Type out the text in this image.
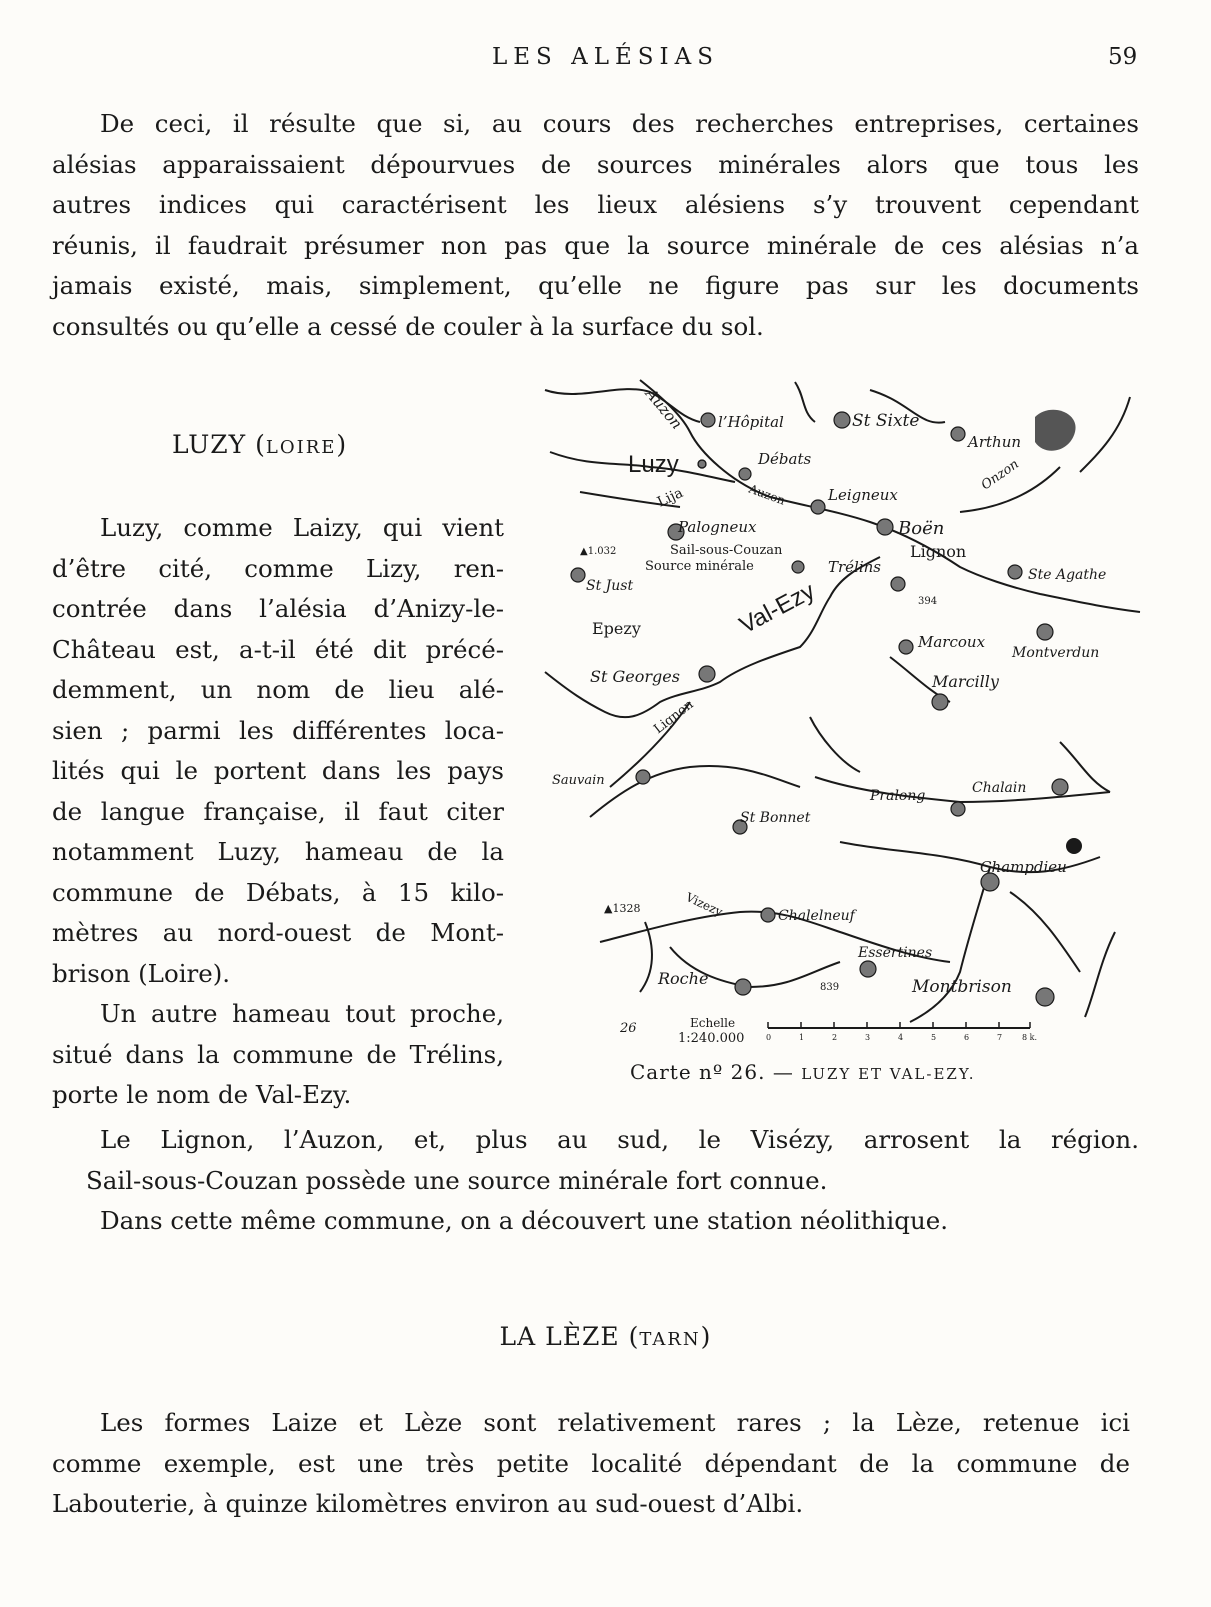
LES ALÉSIAS	59
De ceci, il résulte que si, au cours des recherches entreprises, certaines
alésias apparaissaient dépourvues de sources minérales alors que tous les
autres indices qui caractérisent les lieux alésiens s’y trouvent cependant
réunis, il faudrait présumer non pas que la source minérale de ces alésias n’a
jamais existé, mais, simplement, qu’elle ne figure pas sur les documents
consultés ou qu’elle a cessé de couler à la surface du sol.
LUZY (LOIRE)
Luzy, comme Laizy, qui vient
d’être cité, comme Lizy, ren-
contrée dans l’alésia d’Anizy-le-
Château est, a-t-il été dit précé-
demment, un nom de lieu alé-
sien ; parmi les différentes loca-
lités qui le portent dans les pays
de langue française, il faut citer
notamment Luzy, hameau de la
commune de Débats, à 15 kilo-
mètres au nord-ouest de Mont-
brison (Loire).
Un autre hameau tout proche,
situé dans la commune de Trélins,
porte le nom de Val-Ezy.
Auzon l’Hôpital	St Sixte
Arthun
Luzy	Débats	Onzon
Lija	Auzon	Leigneux
Boën
Palogneux
Sail-sous-Couzan
Source minérale	Trélins
Lignon
Ste Agathe
St Just	Val-Ezy
Epezy
Marcoux
Montverdun
St Georges	Marcilly
Lignon
Sauvain
Pralong	Chalain
St Bonnet
Champdieu
Vizezy	Chalelneuf
Essertines
Roche	Montbrison
▲1.032
394
▲1328
839
26	Echelle
1:240.000	0	1	2	3	4	5	6	7 8 k.
Carte nº 26. — LUZY ET VAL-EZY.
Le Lignon, l’Auzon, et, plus au sud, le Visézy, arrosent la région.
Sail-sous-Couzan possède une source minérale fort connue.
Dans cette même commune, on a découvert une station néolithique.
LA LÈZE (TARN)
Les formes Laize et Lèze sont relativement rares ; la Lèze, retenue ici
comme exemple, est une très petite localité dépendant de la commune de
Labouterie, à quinze kilomètres environ au sud-ouest d’Albi.
